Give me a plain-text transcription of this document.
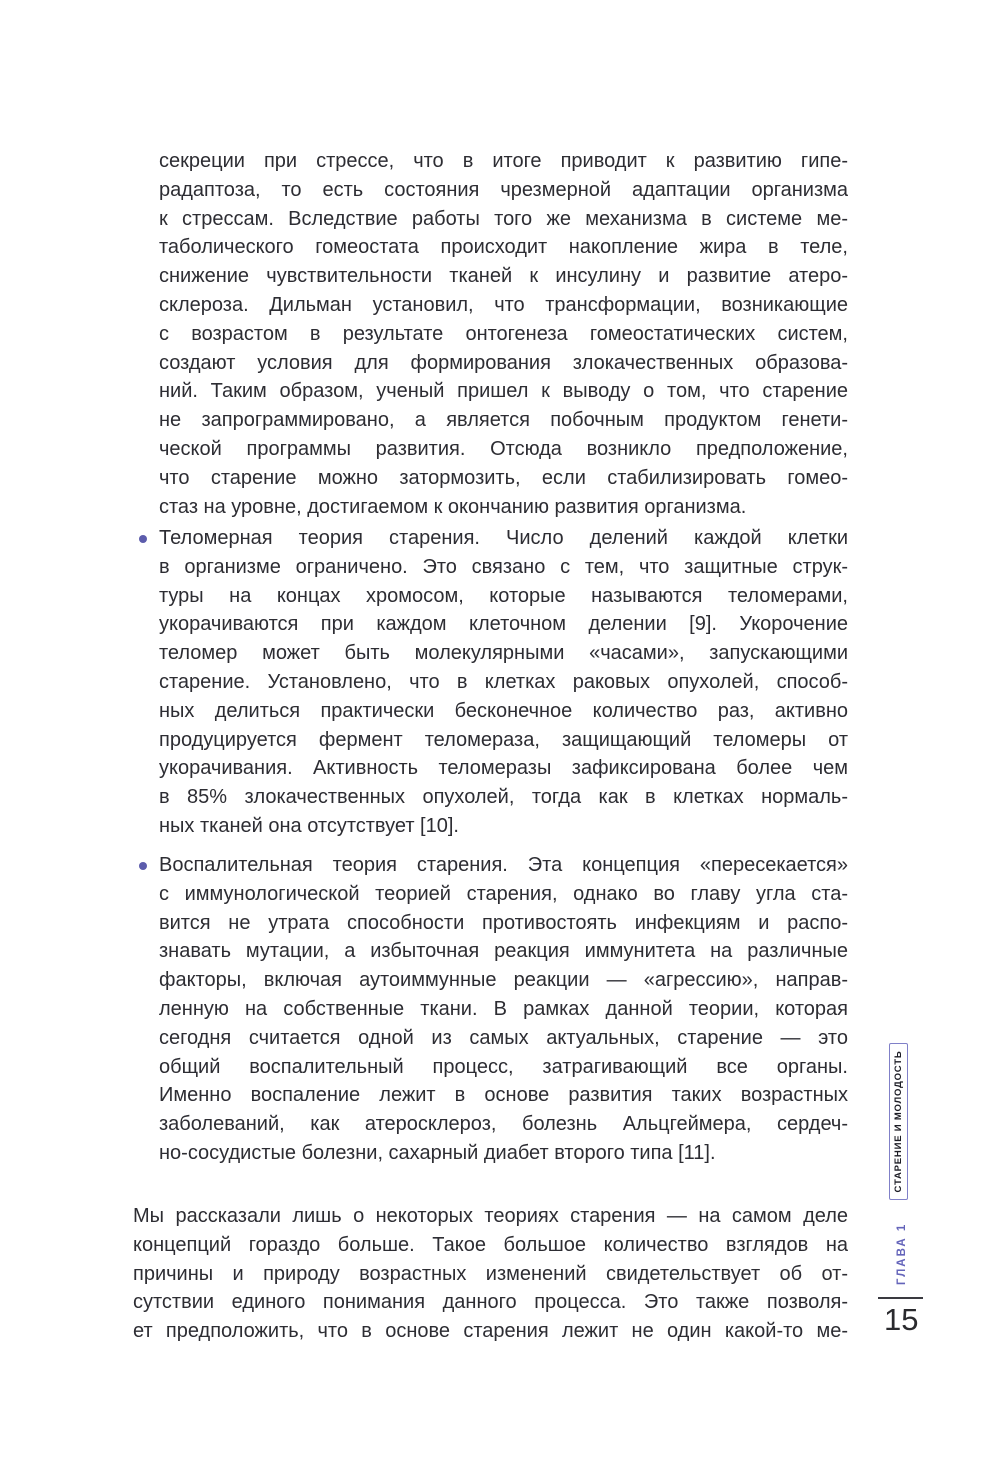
секреции при стрессе, что в итоге приводит к развитию гипе-
радаптоза, то есть состояния чрезмерной адаптации организма
к стрессам. Вследствие работы того же механизма в системе ме-
таболического гомеостата происходит накопление жира в теле,
снижение чувствительности тканей к инсулину и развитие атеро-
склероза. Дильман установил, что трансформации, возникающие
с возрастом в результате онтогенеза гомеостатических систем,
создают условия для формирования злокачественных образова-
ний. Таким образом, ученый пришел к выводу о том, что старение
не запрограммировано, а является побочным продуктом генети-
ческой программы развития. Отсюда возникло предположение,
что старение можно затормозить, если стабилизировать гомео-
стаз на уровне, достигаемом к окончанию развития организма.
Теломерная теория старения. Число делений каждой клетки
в организме ограничено. Это связано с тем, что защитные струк-
туры на концах хромосом, которые называются теломерами,
укорачиваются при каждом клеточном делении [9]. Укорочение
теломер может быть молекулярными «часами», запускающими
старение. Установлено, что в клетках раковых опухолей, способ-
ных делиться практически бесконечное количество раз, активно
продуцируется фермент теломераза, защищающий теломеры от
укорачивания. Активность теломеразы зафиксирована более чем
в 85% злокачественных опухолей, тогда как в клетках нормаль-
ных тканей она отсутствует [10].
Воспалительная теория старения. Эта концепция «пересекается»
с иммунологической теорией старения, однако во главу угла ста-
вится не утрата способности противостоять инфекциям и распо-
знавать мутации, а избыточная реакция иммунитета на различные
факторы, включая аутоиммунные реакции — «агрессию», направ-
ленную на собственные ткани. В рамках данной теории, которая
сегодня считается одной из самых актуальных, старение — это
общий воспалительный процесс, затрагивающий все органы.
Именно воспаление лежит в основе развития таких возрастных
заболеваний, как атеросклероз, болезнь Альцгеймера, сердеч-
но-сосудистые болезни, сахарный диабет второго типа [11].
Мы рассказали лишь о некоторых теориях старения — на самом деле
концепций гораздо больше. Такое большое количество взглядов на
причины и природу возрастных изменений свидетельствует об от-
сутствии единого понимания данного процесса. Это также позволя-
ет предположить, что в основе старения лежит не один какой-то ме-
СТАРЕНИЕ И МОЛОДОСТЬ
ГЛАВА 1
15
